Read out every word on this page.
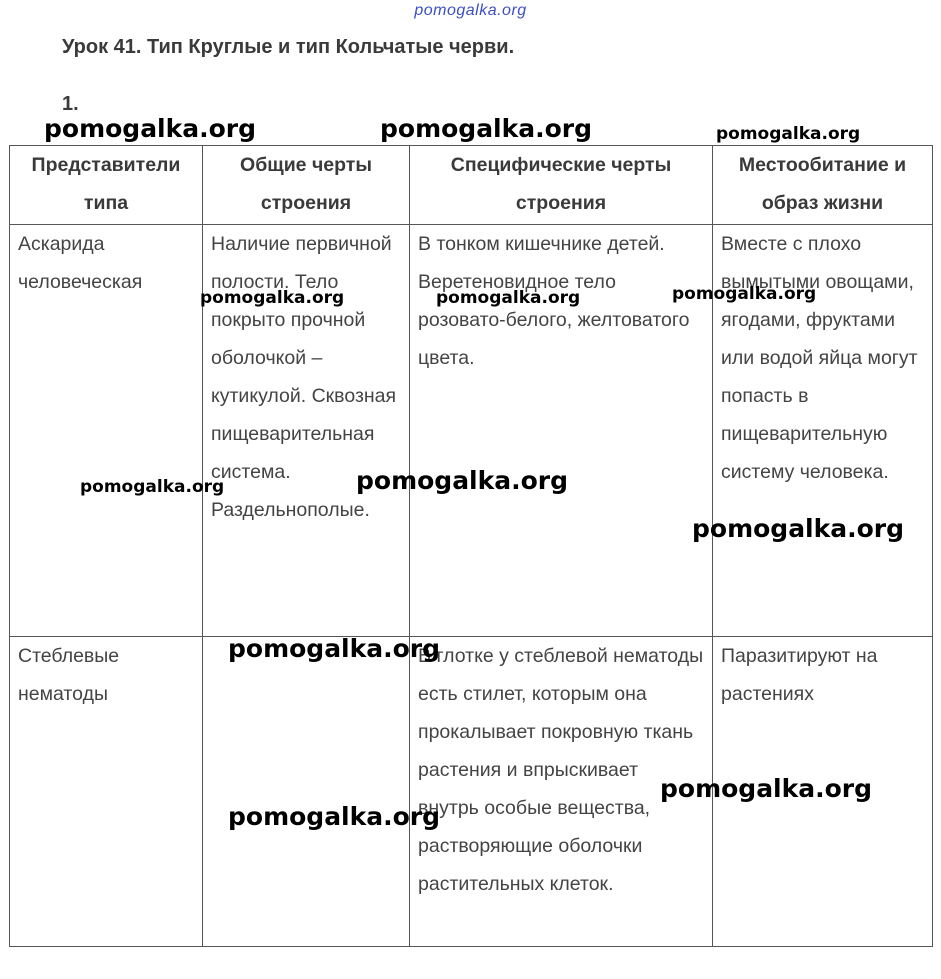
pomogalka.org
Урок 41. Тип Круглые и тип Кольчатые черви.
1.
Представители типа	Общие черты строения	Специфические черты строения	Местообитание и образ жизни

Аскарида человеческая	Наличие первичной полости. Тело покрыто прочной оболочкой – кутикулой. Сквозная пищеварительная система. Раздельнополые.	В тонком кишечнике детей. Веретеновидное тело розовато-белого, желтоватого цвета.	Вместе с плохо вымытыми овощами, ягодами, фруктами или водой яйца могут попасть в пищеварительную систему человека.

Стеблевые нематоды		В глотке у стеблевой нематоды есть стилет, которым она прокалывает покровную ткань растения и впрыскивает внутрь особые вещества, растворяющие оболочки растительных клеток.	Паразитируют на растениях
pomogalka.org	pomogalka.org	pomogalka.org
pomogalka.org	pomogalka.org	pomogalka.org
pomogalka.org	pomogalka.org
pomogalka.org
pomogalka.org
pomogalka.org
pomogalka.org
